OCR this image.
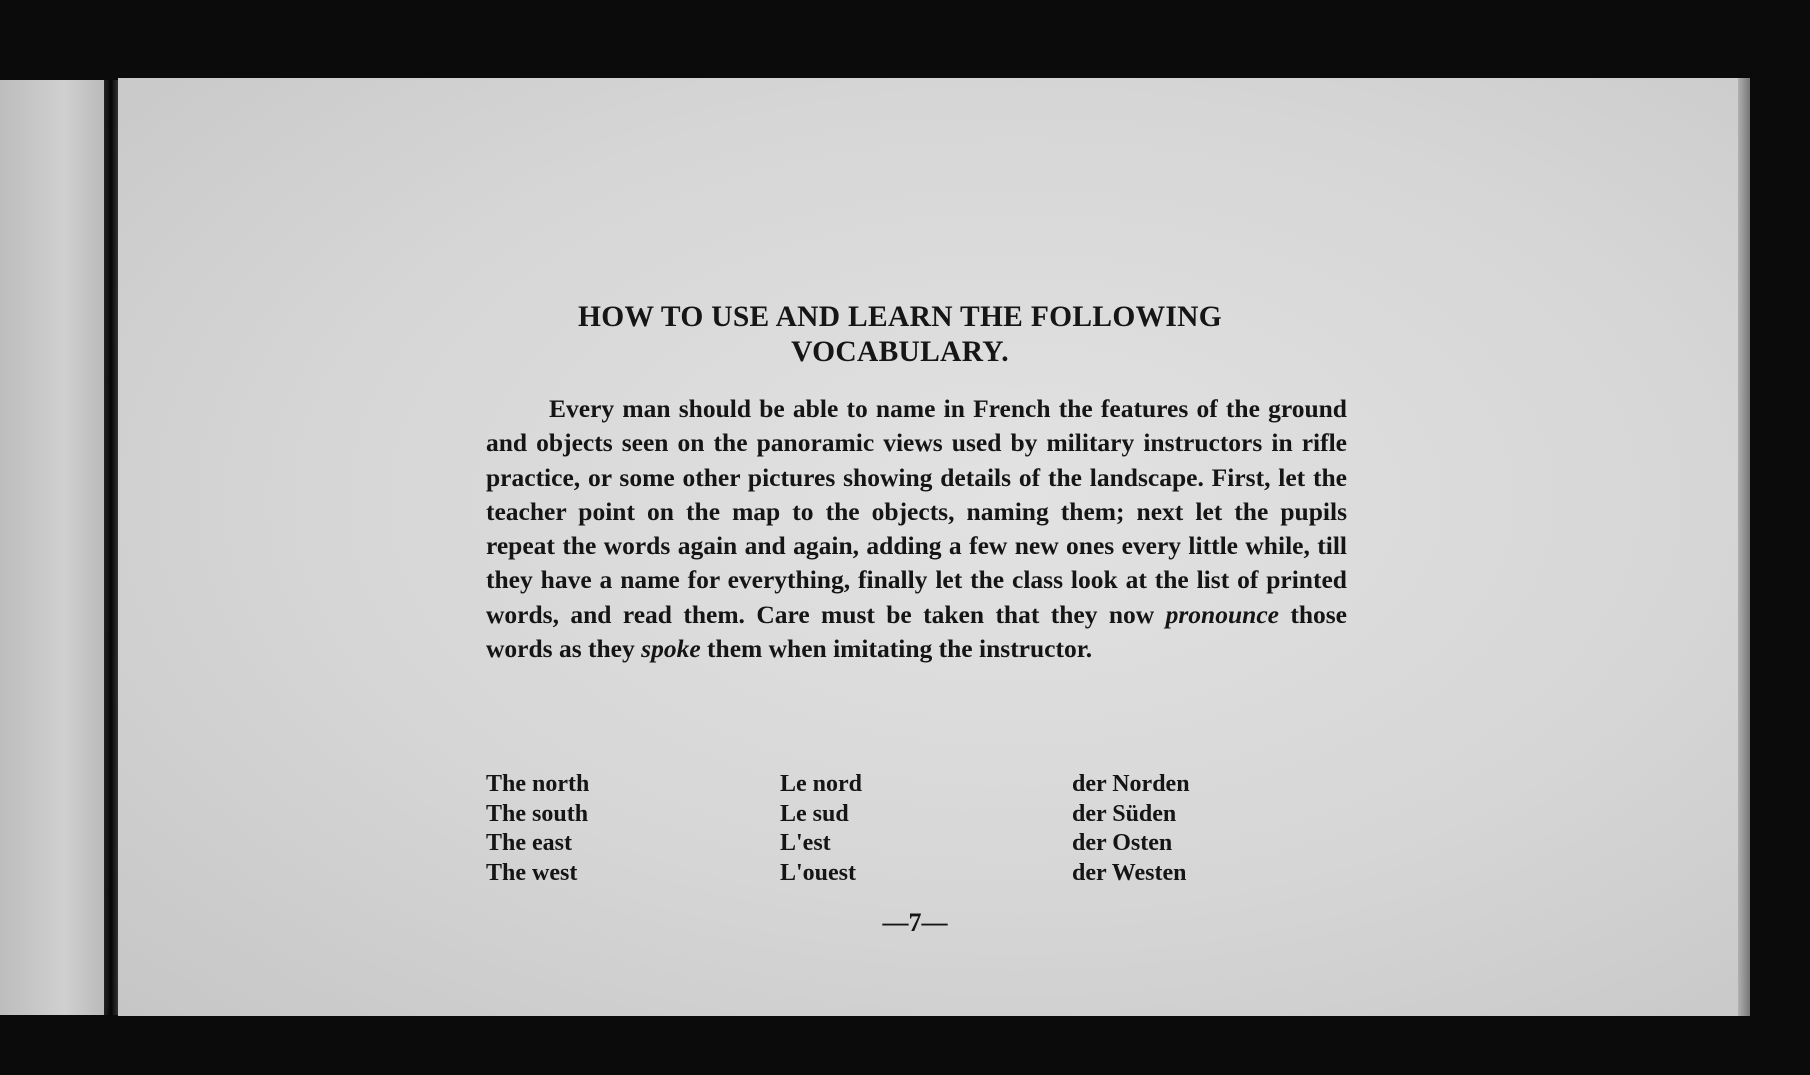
HOW TO USE AND LEARN THE FOLLOWING
VOCABULARY.

Every man should be able to name in French the features of the ground and objects seen on the panoramic views used by military instructors in rifle practice, or some other pictures showing details of the landscape. First, let the teacher point on the map to the objects, naming them; next let the pupils repeat the words again and again, adding a few new ones every little while, till they have a name for everything, finally let the class look at the list of printed words, and read them. Care must be taken that they now pronounce those words as they spoke them when imitating the instructor.

The north	Le nord	der Norden
The south	Le sud	der Süden
The east	L'est	der Osten
The west	L'ouest	der Westen
—7—
